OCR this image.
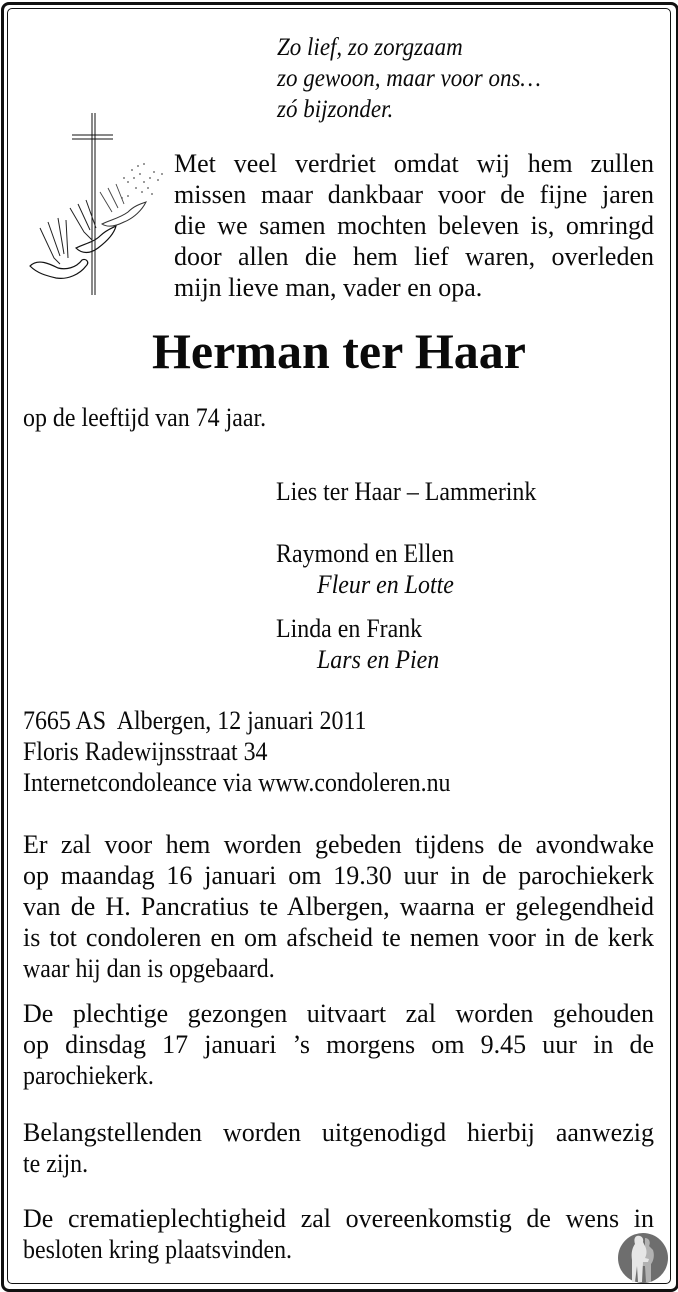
Zo lief, zo zorgzaam
zo gewoon, maar voor ons…
zó bijzonder.
Met veel verdriet omdat wij hem zullen
missen maar dankbaar voor de fijne jaren
die we samen mochten beleven is, omringd
door allen die hem lief waren, overleden
mijn lieve man, vader en opa.
Herman ter Haar
op de leeftijd van 74 jaar.
Lies ter Haar – Lammerink
Raymond en Ellen
Fleur en Lotte
Linda en Frank
Lars en Pien
7665 AS  Albergen, 12 januari 2011
Floris Radewijnsstraat 34
Internetcondoleance via www.condoleren.nu
Er zal voor hem worden gebeden tijdens de avondwake
op maandag 16 januari om 19.30 uur in de parochiekerk
van de H. Pancratius te Albergen, waarna er gelegendheid
is tot condoleren en om afscheid te nemen voor in de kerk
waar hij dan is opgebaard.
De plechtige gezongen uitvaart zal worden gehouden
op dinsdag 17 januari ’s morgens om 9.45 uur in de
parochiekerk.
Belangstellenden worden uitgenodigd hierbij aanwezig
te zijn.
De crematieplechtigheid zal overeenkomstig de wens in
besloten kring plaatsvinden.
